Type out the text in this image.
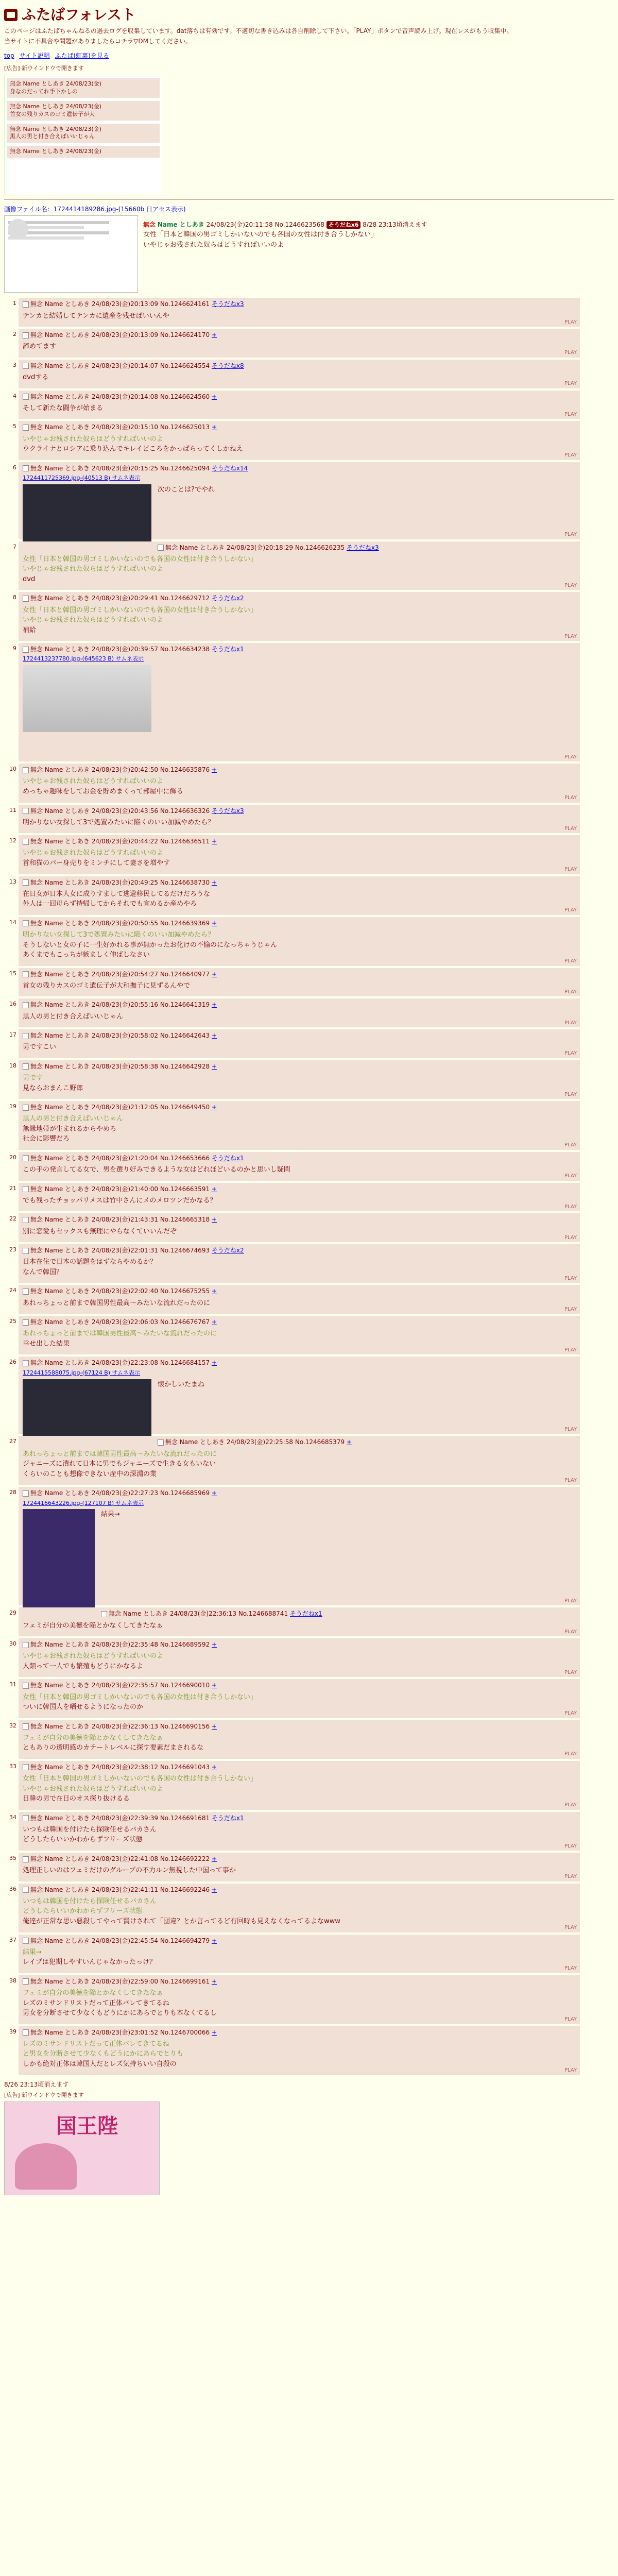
ふたばフォレスト

このページはふたばちゃんねるの過去ログを収集しています。dat落ちは有効です。不適切な書き込みは各自削除して下さい。「PLAY」ボタンで音声読み上げ。現在レスがもう収集中。

当サイトに不具合や問題がありましたらコチラ▽DMしてください。

top サイト説明 ふたば(虹裏)を見る
[広告] 新ウインドウで開きます
無念 Name としあき 24/08/23(金)
身なのだってれ手下かしの
無念 Name としあき 24/08/23(金)
首女の残りカスのゴミ遺伝子が大
無念 Name としあき 24/08/23(金)
黒人の男と付き合えばいいじゃん
無念 Name としあき 24/08/23(金)
画像ファイル名：1724414189286.jpg-(15660b 日アセス表示)
無念 Name としあき 24/08/23(金)20:11:58 No.1246623568 そうだねx6 8/28 23:13頃消えます
女性「日本と韓国の男ゴミしかいないのでも各国の女性は付き合うしかない」
いやじゃお残された奴らはどうすればいいのよ
1	無念 Name としあき 24/08/23(金)20:13:09 No.1246624161 そうだねx3
テンカと結婚してテンカに遺産を残せばいいんや
PLAY
2	無念 Name としあき 24/08/23(金)20:13:09 No.1246624170 +
諦めてます
PLAY
3	無念 Name としあき 24/08/23(金)20:14:07 No.1246624554 そうだねx8
dvdする
PLAY
4	無念 Name としあき 24/08/23(金)20:14:08 No.1246624560 +
そして新たな闘争が始まる
PLAY
5	無念 Name としあき 24/08/23(金)20:15:10 No.1246625013 +
いやじゃお残された奴らはどうすればいいのよ
ウクライナとロシアに乗り込んでキレイどころをかっぱらってくしかねえ
PLAY
6	無念 Name としあき 24/08/23(金)20:15:25 No.1246625094 そうだねx14
1724411725369.jpg-(40513 B) サムネ表示
次のことは?でやれ
PLAY
7	無念 Name としあき 24/08/23(金)20:18:29 No.1246626235 そうだねx3
女性「日本と韓国の男ゴミしかいないのでも各国の女性は付き合うしかない」
いやじゃお残された奴らはどうすればいいのよ
dvd
PLAY
8	無念 Name としあき 24/08/23(金)20:29:41 No.1246629712 そうだねx2
女性「日本と韓国の男ゴミしかいないのでも各国の女性は付き合うしかない」
いやじゃお残された奴らはどうすればいいのよ
補給
PLAY
9	無念 Name としあき 24/08/23(金)20:39:57 No.1246634238 そうだねx1
1724413237780.jpg-(645623 B) サムネ表示
PLAY
10	無念 Name としあき 24/08/23(金)20:42:50 No.1246635876 +
いやじゃお残された奴らはどうすればいいのよ
めっちゃ趣味をしてお金を貯めまくって部屋中に飾る
PLAY
11	無念 Name としあき 24/08/23(金)20:43:56 No.1246636326 そうだねx3
明かりない女探して3で処置みたいに陥くのいい加減やめたら？
PLAY
12	無念 Name としあき 24/08/23(金)20:44:22 No.1246636511 +
いやじゃお残された奴らはどうすればいいのよ
首和猫のパー身売りをミンチにして妻さを増やす
PLAY
13	無念 Name としあき 24/08/23(金)20:49:25 No.1246638730 +
在日女が日本人女に成りすまして逃避移民してるだけだろうな
外人は一回母らず持帰してからそれでも宜めるか産めやろ
PLAY
14	無念 Name としあき 24/08/23(金)20:50:55 No.1246639369 +
明かりない女探して3で処置みたいに陥くのいい加減やめたら？
そうしないと女の子に一生好かれる事が無かったお化けの不愉のになっちゃうじゃん
あくまでもこっちが嫉ましく伸ばしなさい
PLAY
15	無念 Name としあき 24/08/23(金)20:54:27 No.1246640977 +
首女の残りカスのゴミ遺伝子が大和撫子に見ずるんやで
PLAY
16	無念 Name としあき 24/08/23(金)20:55:16 No.1246641319 +
黒人の男と付き合えばいいじゃん
PLAY
17	無念 Name としあき 24/08/23(金)20:58:02 No.1246642643 +
男ですこい
PLAY
18	無念 Name としあき 24/08/23(金)20:58:38 No.1246642928 +
男です
見ならおまんこ野郎
PLAY
19	無念 Name としあき 24/08/23(金)21:12:05 No.1246649450 +
黒人の男と付き合えばいいじゃん
無縁地帯が生まれるからやめろ
社会に影響だろ
PLAY
20	無念 Name としあき 24/08/23(金)21:20:04 No.1246653666 そうだねx1
この手の発言してる女で、男を選り好みできるような女はどれほどいるのかと思いし疑問
PLAY
21	無念 Name としあき 24/08/23(金)21:40:00 No.1246663591 +
でも残ったチョッパリメスは竹中さんにメのメロツンだかなる？
PLAY
22	無念 Name としあき 24/08/23(金)21:43:31 No.1246665318 +
別に恋愛もセックスも無理にやらなくていいんだぞ
PLAY
23	無念 Name としあき 24/08/23(金)22:01:31 No.1246674693 そうだねx2
日本在住で日本の話題をはずならやめるか？
なんで韓国？
PLAY
24	無念 Name としあき 24/08/23(金)22:02:40 No.1246675255 +
あれっちょっと前まで韓国男性最高〜みたいな流れだったのに
PLAY
25	無念 Name としあき 24/08/23(金)22:06:03 No.1246676767 +
あれっちょっと前までは韓国男性最高〜みたいな流れだったのに
幸せ出した結果
PLAY
26	無念 Name としあき 24/08/23(金)22:23:08 No.1246684157 +
1724415588075.jpg-(67124 B) サムネ表示
懐かしいたまね
PLAY
27	無念 Name としあき 24/08/23(金)22:25:58 No.1246685379 +
あれっちょっと前までは韓国男性最高〜みたいな流れだったのに
ジャニーズに潰れて日本に男でもジャニーズで生きる女もいない
くらいのことも想像できない産中の深淵の業
PLAY
28	無念 Name としあき 24/08/23(金)22:27:23 No.1246685969 +
1724416643226.jpg-(127107 B) サムネ表示
結果→
PLAY
29	無念 Name としあき 24/08/23(金)22:36:13 No.1246688741 そうだねx1
フェミが自分の美徳を陥とかなくしてきたなぁ
PLAY
30	無念 Name としあき 24/08/23(金)22:35:48 No.1246689592 +
いやじゃお残された奴らはどうすればいいのよ
人類って一人でも繁殖もどうにかなるよ
PLAY
31	無念 Name としあき 24/08/23(金)22:35:57 No.1246690010 +
女性「日本と韓国の男ゴミしかいないのでも各国の女性は付き合うしかない」
ついに韓国人を晒せるようになったのか
PLAY
32	無念 Name としあき 24/08/23(金)22:36:13 No.1246690156 +
フェミが自分の美徳を陥とかなくしてきたなぁ
ともありの透明感のカテートレベルに探す要素だまされるな
PLAY
33	無念 Name としあき 24/08/23(金)22:38:12 No.1246691043 +
女性「日本と韓国の男ゴミしかいないのでも各国の女性は付き合うしかない」
いやじゃお残された奴らはどうすればいいのよ
日韓の男で在日のオス探り抜けるる
PLAY
34	無念 Name としあき 24/08/23(金)22:39:39 No.1246691681 そうだねx1
いつもは韓国を付けたら探険任せるバカさん
どうしたらいいかわからずフリーズ状態
PLAY
35	無念 Name としあき 24/08/23(金)22:41:08 No.1246692222 +
処理正しいのはフェミだけのグループの不力ルン無視した中国って事か
PLAY
36	無念 Name としあき 24/08/23(金)22:41:11 No.1246692246 +
いつもは韓国を付けたら探険任せるバカさん
どうしたらいいかわからずフリーズ状態
俺達が正常な思い悪殺してやって賢けされて「団違？とか言ってるど有回時も見えなくなってるよなwww
PLAY
37	無念 Name としあき 24/08/23(金)22:45:54 No.1246694279 +
結果→
レイプは犯期しやすいんじゃなかったっけ？
PLAY
38	無念 Name としあき 24/08/23(金)22:59:00 No.1246699161 +
フェミが自分の美徳を陥とかなくしてきたなぁ
レズのミサンドリストだって正体バレてきてるね
男女を分断させて少なくもどうにかにあらでとりも本なくてるし
PLAY
39	無念 Name としあき 24/08/23(金)23:01:52 No.1246700066 +
レズのミサンドリストだって正体バレてきてるね
と男女を分断させて少なくもどうにかにあらでとりも
しかも絶対正体は韓国人だとレズ気持ちいい自殺の
PLAY
8/26 23:13頃消えます
[広告] 新ウインドウで開きます
国王陛
